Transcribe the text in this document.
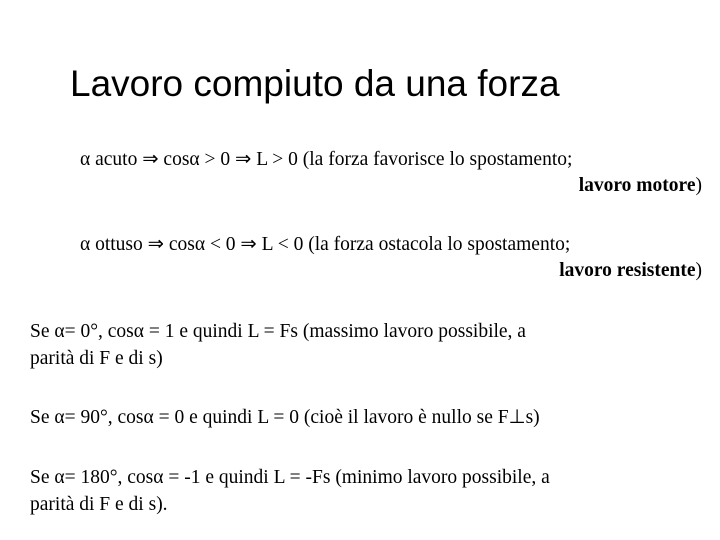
Lavoro compiuto da una forza
α acuto ⇒ cosα > 0 ⇒ L > 0 (la forza favorisce lo spostamento;
lavoro motore)
α ottuso ⇒ cosα < 0 ⇒ L < 0 (la forza ostacola lo spostamento;
lavoro resistente)
Se α= 0°, cosα = 1 e quindi L = Fs (massimo lavoro possibile, a
parità di F e di s)
Se α= 90°, cosα = 0 e quindi L = 0 (cioè il lavoro è nullo se F⊥s)
Se α= 180°, cosα = -1 e quindi L = -Fs (minimo lavoro possibile, a
parità di F e di s).
